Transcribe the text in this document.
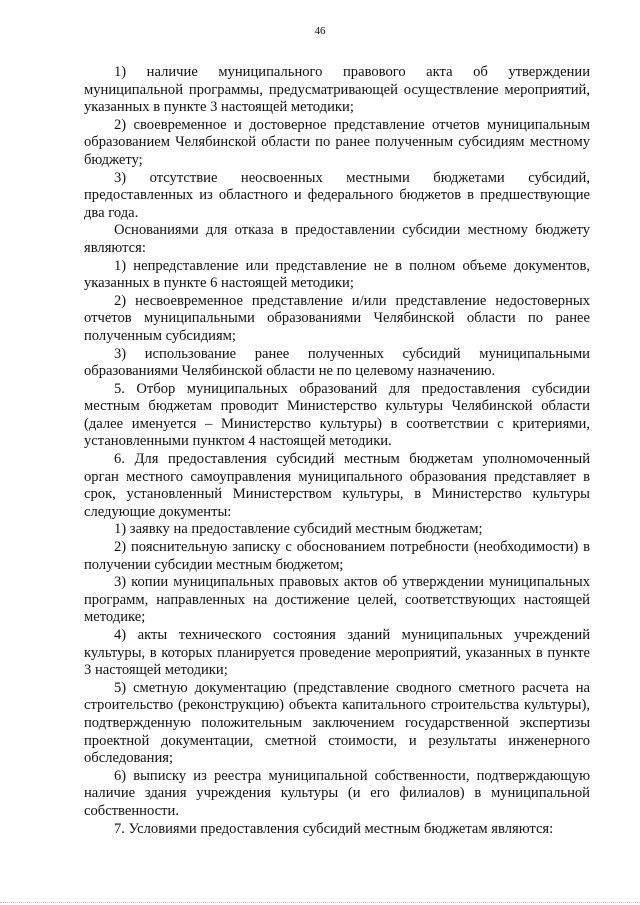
46

1) наличие муниципального правового акта об утверждении муниципальной программы, предусматривающей осуществление мероприятий, указанных в пункте 3 настоящей методики;

2) своевременное и достоверное представление отчетов муниципальным образованием Челябинской области по ранее полученным субсидиям местному бюджету;

3) отсутствие неосвоенных местными бюджетами субсидий, предоставленных из областного и федерального бюджетов в предшествующие два года.

Основаниями для отказа в предоставлении субсидии местному бюджету являются:

1) непредставление или представление не в полном объеме документов, указанных в пункте 6 настоящей методики;

2) несвоевременное представление и/или представление недостоверных отчетов муниципальными образованиями Челябинской области по ранее полученным субсидиям;

3) использование ранее полученных субсидий муниципальными образованиями Челябинской области не по целевому назначению.

5. Отбор муниципальных образований для предоставления субсидии местным бюджетам проводит Министерство культуры Челябинской области (далее именуется – Министерство культуры) в соответствии с критериями, установленными пунктом 4 настоящей методики.

6. Для предоставления субсидий местным бюджетам уполномоченный орган местного самоуправления муниципального образования представляет в срок, установленный Министерством культуры, в Министерство культуры следующие документы:

1) заявку на предоставление субсидий местным бюджетам;

2) пояснительную записку с обоснованием потребности (необходимости) в получении субсидии местным бюджетом;

3) копии муниципальных правовых актов об утверждении муниципальных программ, направленных на достижение целей, соответствующих настоящей методике;

4) акты технического состояния зданий муниципальных учреждений культуры, в которых планируется проведение мероприятий, указанных в пункте 3 настоящей методики;

5) сметную документацию (представление сводного сметного расчета на строительство (реконструкцию) объекта капитального строительства культуры), подтвержденную положительным заключением государственной экспертизы проектной документации, сметной стоимости, и результаты инженерного обследования;

6) выписку из реестра муниципальной собственности, подтверждающую наличие здания учреждения культуры (и его филиалов) в муниципальной собственности.

7. Условиями предоставления субсидий местным бюджетам являются:
